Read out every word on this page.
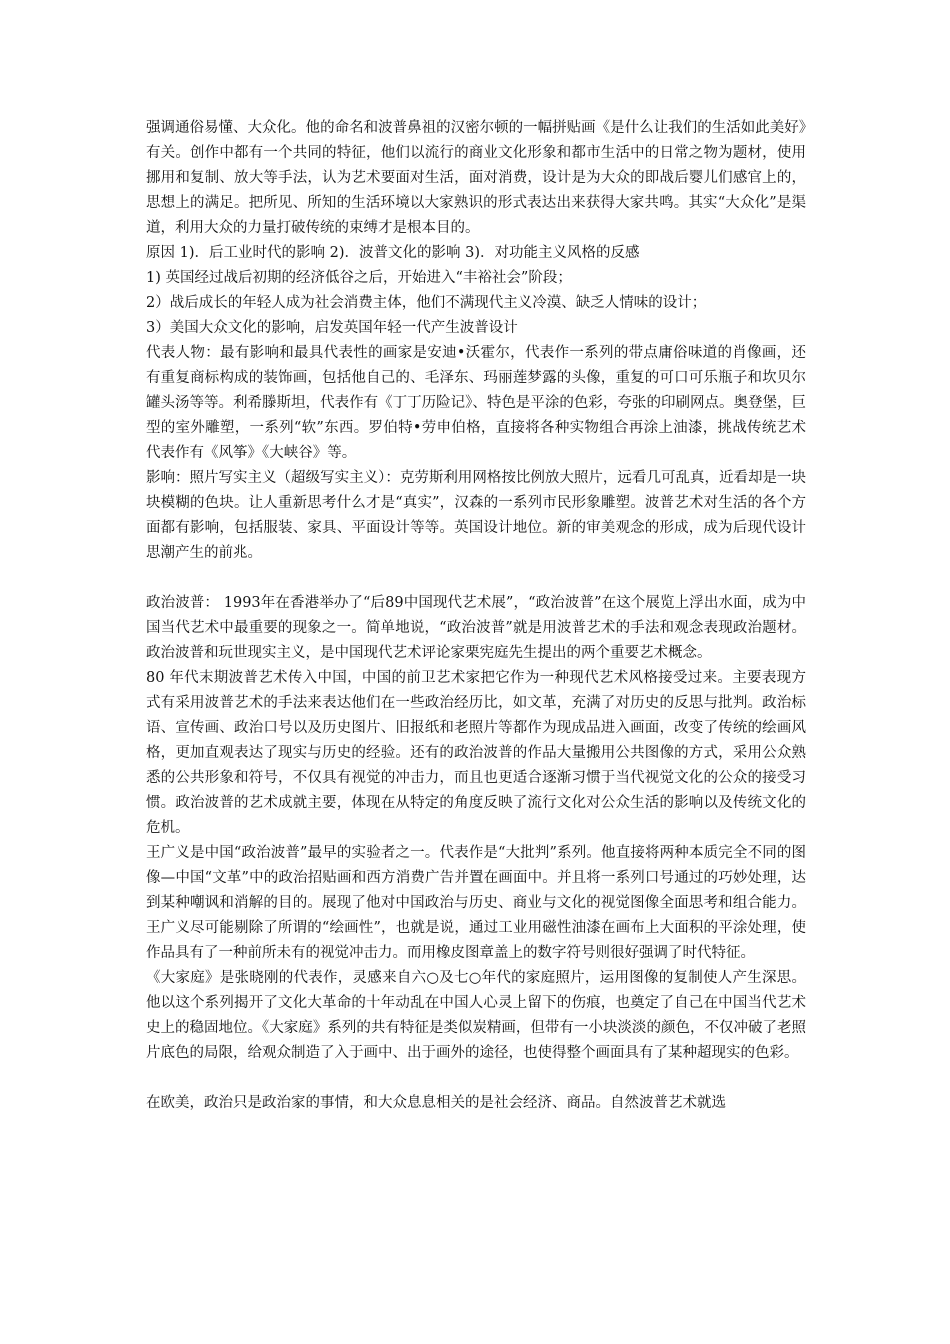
强调通俗易懂、大众化。他的命名和波普鼻祖的汉密尔顿的一幅拼贴画《是什么让我们的生活如此美好》有关。创作中都有一个共同的特征，他们以流行的商业文化形象和都市生活中的日常之物为题材，使用挪用和复制、放大等手法，认为艺术要面对生活，面对消费，设计是为大众的即战后婴儿们感官上的，思想上的满足。把所见、所知的生活环境以大家熟识的形式表达出来获得大家共鸣。其实“大众化”是渠道，利用大众的力量打破传统的束缚才是根本目的。

原因 1)．后工业时代的影响 2)．波普文化的影响 3)．对功能主义风格的反感

1) 英国经过战后初期的经济低谷之后，开始进入“丰裕社会”阶段；

2）战后成长的年轻人成为社会消费主体，他们不满现代主义冷漠、缺乏人情味的设计；

3）美国大众文化的影响，启发英国年轻一代产生波普设计

代表人物：最有影响和最具代表性的画家是安迪•沃霍尔，代表作一系列的带点庸俗味道的肖像画，还有重复商标构成的装饰画，包括他自己的、毛泽东、玛丽莲梦露的头像，重复的可口可乐瓶子和坎贝尔罐头汤等等。利希滕斯坦，代表作有《丁丁历险记》、特色是平涂的色彩，夸张的印刷网点。奥登堡，巨型的室外雕塑，一系列“软”东西。罗伯特•劳申伯格，直接将各种实物组合再涂上油漆，挑战传统艺术代表作有《风筝》《大峡谷》等。

影响：照片写实主义（超级写实主义）：克劳斯利用网格按比例放大照片，远看几可乱真，近看却是一块块模糊的色块。让人重新思考什么才是“真实”，汉森的一系列市民形象雕塑。波普艺术对生活的各个方面都有影响，包括服装、家具、平面设计等等。英国设计地位。新的审美观念的形成，成为后现代设计思潮产生的前兆。

政治波普： 1993年在香港举办了“后89中国现代艺术展”，“政治波普”在这个展览上浮出水面，成为中国当代艺术中最重要的现象之一。简单地说，“政治波普”就是用波普艺术的手法和观念表现政治题材。政治波普和玩世现实主义，是中国现代艺术评论家栗宪庭先生提出的两个重要艺术概念。

80 年代末期波普艺术传入中国，中国的前卫艺术家把它作为一种现代艺术风格接受过来。主要表现方式有采用波普艺术的手法来表达他们在一些政治经历比，如文革，充满了对历史的反思与批判。政治标语、宣传画、政治口号以及历史图片、旧报纸和老照片等都作为现成品进入画面，改变了传统的绘画风格，更加直观表达了现实与历史的经验。还有的政治波普的作品大量搬用公共图像的方式，采用公众熟悉的公共形象和符号，不仅具有视觉的冲击力，而且也更适合逐渐习惯于当代视觉文化的公众的接受习惯。政治波普的艺术成就主要，体现在从特定的角度反映了流行文化对公众生活的影响以及传统文化的危机。

王广义是中国“政治波普”最早的实验者之一。代表作是“大批判”系列。他直接将两种本质完全不同的图像—中国“文革”中的政治招贴画和西方消费广告并置在画面中。并且将一系列口号通过的巧妙处理，达到某种嘲讽和消解的目的。展现了他对中国政治与历史、商业与文化的视觉图像全面思考和组合能力。王广义尽可能剔除了所谓的“绘画性”，也就是说，通过工业用磁性油漆在画布上大面积的平涂处理，使作品具有了一种前所未有的视觉冲击力。而用橡皮图章盖上的数字符号则很好强调了时代特征。

《大家庭》是张晓刚的代表作，灵感来自六○及七○年代的家庭照片，运用图像的复制使人产生深思。他以这个系列揭开了文化大革命的十年动乱在中国人心灵上留下的伤痕，也奠定了自己在中国当代艺术史上的稳固地位。《大家庭》系列的共有特征是类似炭精画，但带有一小块淡淡的颜色，不仅冲破了老照片底色的局限，给观众制造了入于画中、出于画外的途径，也使得整个画面具有了某种超现实的色彩。

在欧美，政治只是政治家的事情，和大众息息相关的是社会经济、商品。自然波普艺术就选
